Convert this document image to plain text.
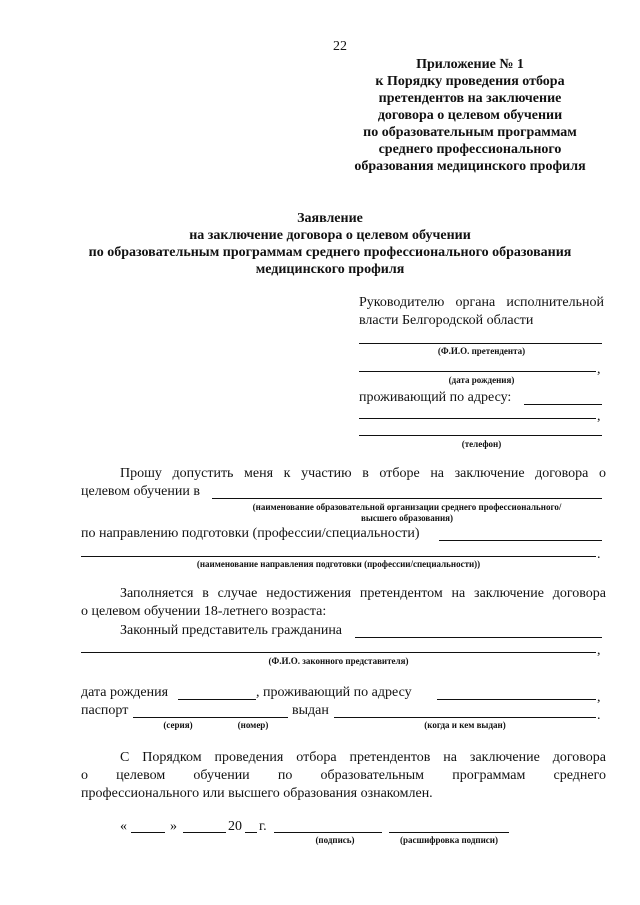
22
Приложение № 1
к Порядку проведения отбора
претендентов на заключение
договора о целевом обучении
по образовательным программам
среднего профессионального
образования медицинского профиля
Заявление
на заключение договора о целевом обучении
по образовательным программам среднего профессионального образования
медицинского профиля
Руководителю органа исполнительной
власти Белгородской области
(Ф.И.О. претендента)
,
(дата рождения)
проживающий по адресу:
,
(телефон)
Прошу допустить меня к участию в отборе на заключение договора о
целевом обучении в
(наименование образовательной организации среднего профессионального/
высшего образования)
по направлению подготовки (профессии/специальности)
.
(наименование направления подготовки (профессии/специальности))
Заполняется в случае недостижения претендентом на заключение договора
о целевом обучении 18-летнего возраста:
Законный представитель гражданина
,
(Ф.И.О. законного представителя)
дата рождения	, проживающий по адресу	,
паспорт	выдан	.
(серия)	(номер)	(когда и кем выдан)
С Порядком проведения отбора претендентов на заключение договора
о целевом обучении по образовательным программам среднего
профессионального или высшего образования ознакомлен.
«	»	20 г.
(подпись)	(расшифровка подписи)
